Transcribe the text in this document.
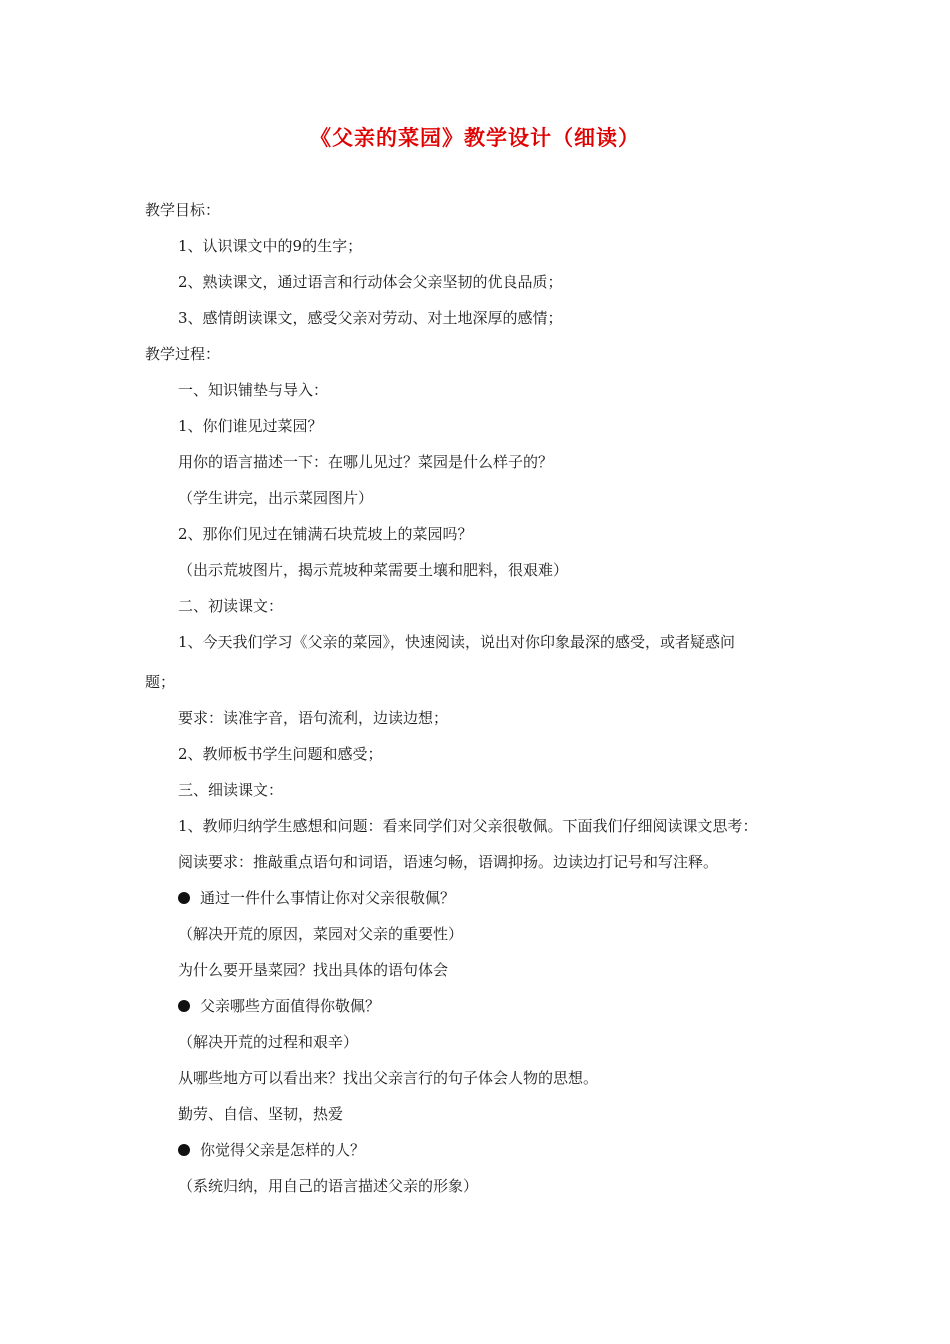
《父亲的菜园》教学设计（细读）
教学目标：
1、认识课文中的9的生字；
2、熟读课文，通过语言和行动体会父亲坚韧的优良品质；
3、感情朗读课文，感受父亲对劳动、对土地深厚的感情；
教学过程：
一、知识铺垫与导入：
1、你们谁见过菜园？
用你的语言描述一下：在哪儿见过？菜园是什么样子的？
（学生讲完，出示菜园图片）
2、那你们见过在铺满石块荒坡上的菜园吗？
（出示荒坡图片，揭示荒坡种菜需要土壤和肥料，很艰难）
二、初读课文：
1、今天我们学习《父亲的菜园》，快速阅读，说出对你印象最深的感受，或者疑惑问
题；
要求：读准字音，语句流利，边读边想；
2、教师板书学生问题和感受；
三、细读课文：
1、教师归纳学生感想和问题：看来同学们对父亲很敬佩。下面我们仔细阅读课文思考：
阅读要求：推敲重点语句和词语，语速匀畅，语调抑扬。边读边打记号和写注释。
通过一件什么事情让你对父亲很敬佩？
（解决开荒的原因，菜园对父亲的重要性）
为什么要开垦菜园？找出具体的语句体会
父亲哪些方面值得你敬佩？
（解决开荒的过程和艰辛）
从哪些地方可以看出来？找出父亲言行的句子体会人物的思想。
勤劳、自信、坚韧，热爱
你觉得父亲是怎样的人？
（系统归纳，用自己的语言描述父亲的形象）
